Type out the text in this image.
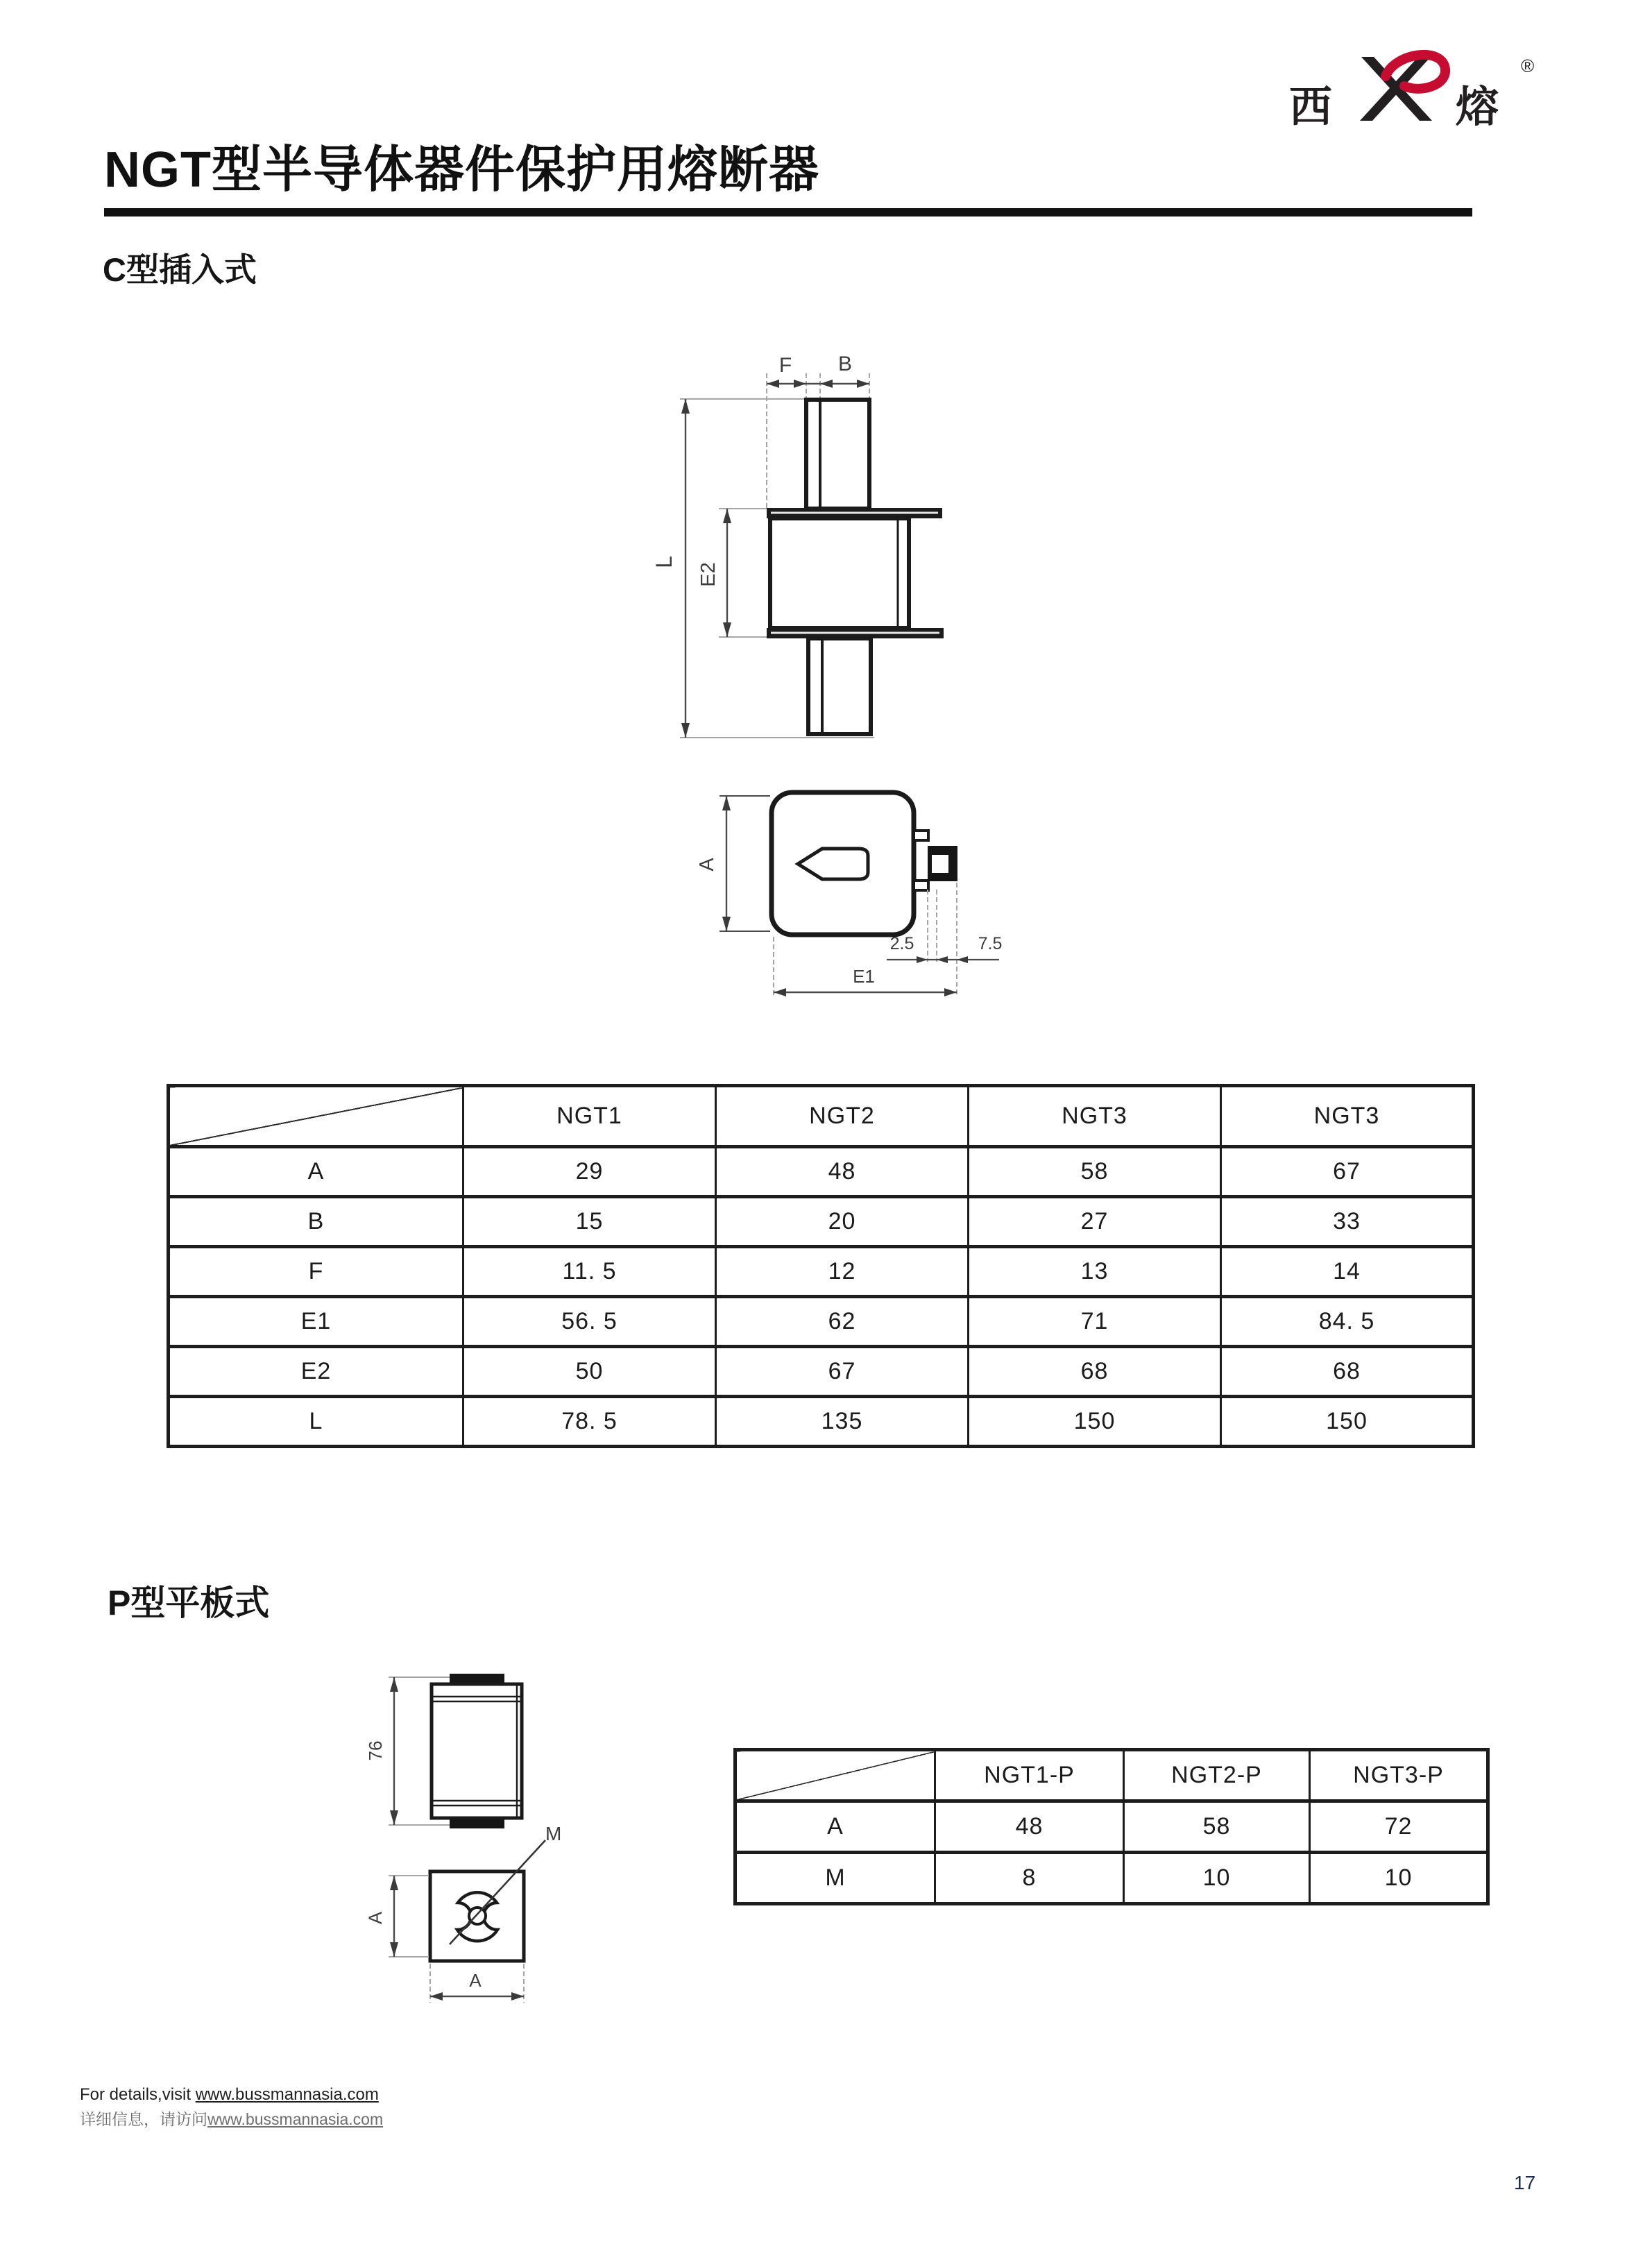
西	熔
®
NGT型半导体器件保护用熔断器
C型插入式
F B
L
E2
A
2.5	7.5
E1
	NGT1	NGT2	NGT3	NGT3
A	29	48	58	67
B	15	20	27	33
F	11. 5	12	13	14
E1	56. 5	62	71	84. 5
E2	50	67	68	68
L	78. 5	135	150	150
P型平板式
76
M
A
A
	NGT1-P	NGT2-P	NGT3-P
A	48	58	72
M	8	10	10
For details,visit www.bussmannasia.com
详细信息，请访问www.bussmannasia.com
17
